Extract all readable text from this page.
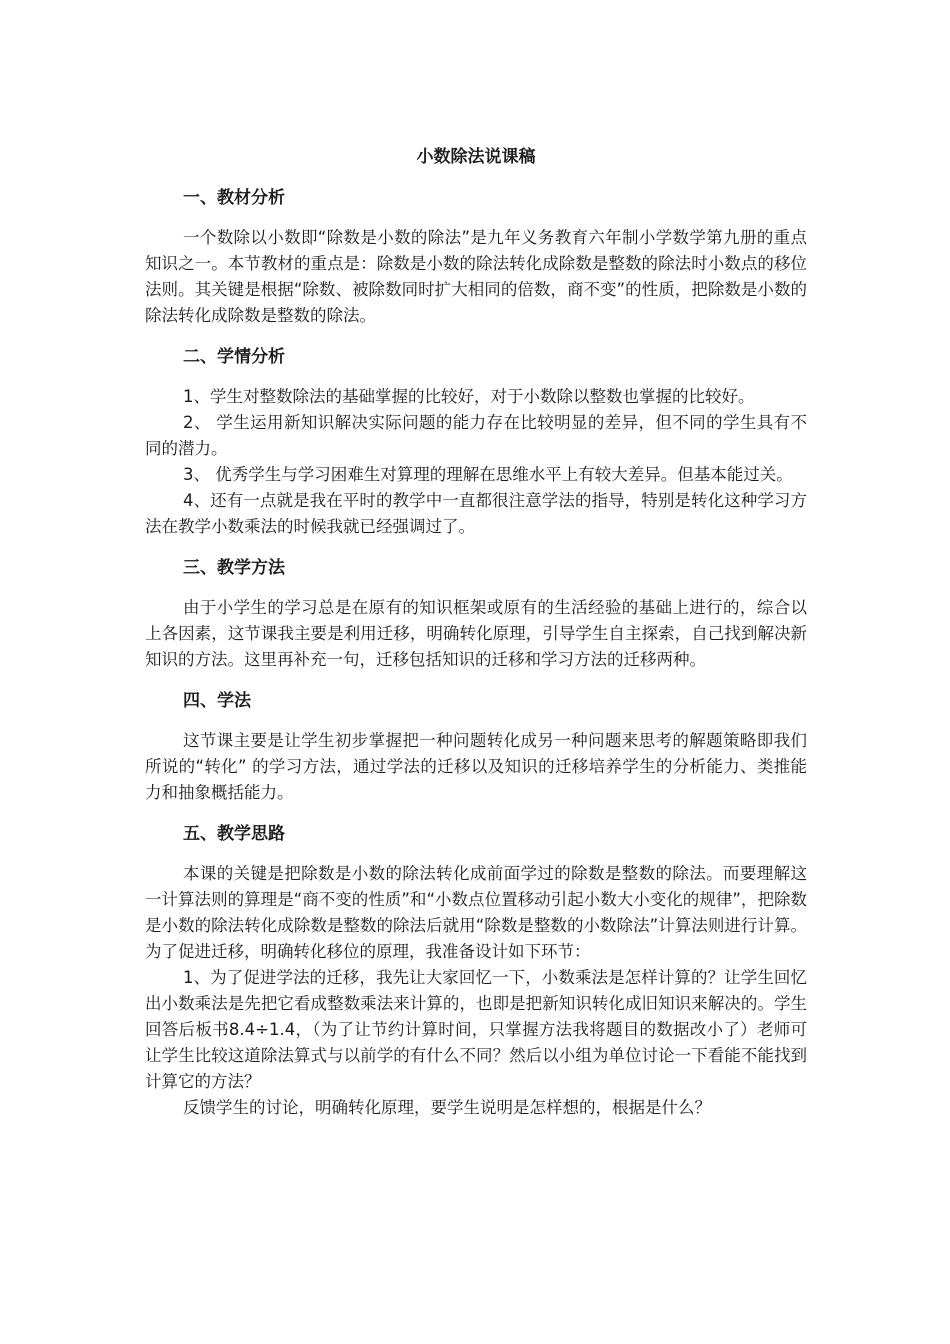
小数除法说课稿
一、教材分析

一个数除以小数即“除数是小数的除法”是九年义务教育六年制小学数学第九册的重点知识之一。本节教材的重点是：除数是小数的除法转化成除数是整数的除法时小数点的移位法则。其关键是根据“除数、被除数同时扩大相同的倍数，商不变”的性质，把除数是小数的除法转化成除数是整数的除法。

二、学情分析

1、学生对整数除法的基础掌握的比较好，对于小数除以整数也掌握的比较好。

2、 学生运用新知识解决实际问题的能力存在比较明显的差异，但不同的学生具有不同的潜力。

3、 优秀学生与学习困难生对算理的理解在思维水平上有较大差异。但基本能过关。

4、还有一点就是我在平时的教学中一直都很注意学法的指导，特别是转化这种学习方法在教学小数乘法的时候我就已经强调过了。

三、教学方法

由于小学生的学习总是在原有的知识框架或原有的生活经验的基础上进行的，综合以上各因素，这节课我主要是利用迁移，明确转化原理，引导学生自主探索，自己找到解决新知识的方法。这里再补充一句，迁移包括知识的迁移和学习方法的迁移两种。

四、学法

这节课主要是让学生初步掌握把一种问题转化成另一种问题来思考的解题策略即我们所说的“转化” 的学习方法，通过学法的迁移以及知识的迁移培养学生的分析能力、类推能力和抽象概括能力。

五、教学思路

本课的关键是把除数是小数的除法转化成前面学过的除数是整数的除法。而要理解这一计算法则的算理是“商不变的性质”和“小数点位置移动引起小数大小变化的规律”，把除数是小数的除法转化成除数是整数的除法后就用“除数是整数的小数除法”计算法则进行计算。为了促进迁移，明确转化移位的原理，我准备设计如下环节：

1、为了促进学法的迁移，我先让大家回忆一下，小数乘法是怎样计算的？让学生回忆出小数乘法是先把它看成整数乘法来计算的，也即是把新知识转化成旧知识来解决的。学生回答后板书8.4÷1.4，（为了让节约计算时间，只掌握方法我将题目的数据改小了）老师可让学生比较这道除法算式与以前学的有什么不同？然后以小组为单位讨论一下看能不能找到计算它的方法？

反馈学生的讨论，明确转化原理，要学生说明是怎样想的，根据是什么？
